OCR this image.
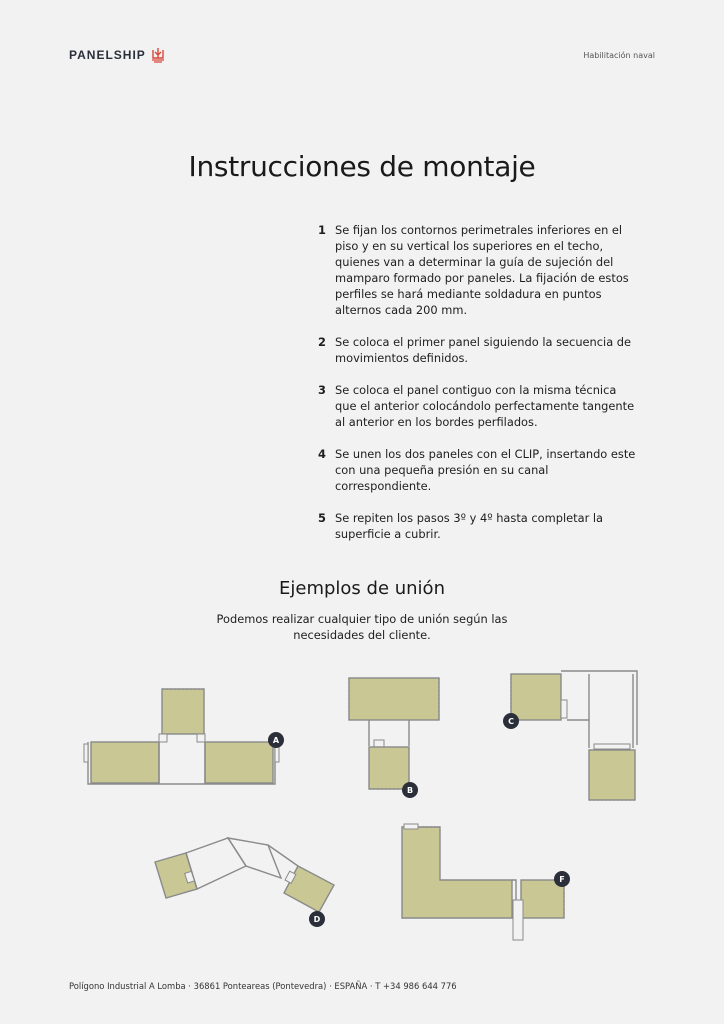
PANELSHIP	Habilitación naval
Instrucciones de montaje
1 Se fijan los contornos perimetrales inferiores en el piso y en su vertical los superiores en el techo, quienes van a determinar la guía de sujeción del mamparo formado por paneles. La fijación de estos perfiles se hará mediante soldadura en puntos alternos cada 200 mm.
2 Se coloca el primer panel siguiendo la secuencia de movimientos definidos.
3 Se coloca el panel contiguo con la misma técnica que el anterior colocándolo perfectamente tangente al anterior en los bordes perfilados.
4 Se unen los dos paneles con el CLIP, insertando este con una pequeña presión en su canal correspondiente.
5 Se repiten los pasos 3º y 4º hasta completar la superficie a cubrir.
Ejemplos de unión

Podemos realizar cualquier tipo de unión según las necesidades del cliente.

A
B
C
D
F
Polígono Industrial A Lomba · 36861 Ponteareas (Pontevedra) · ESPAÑA · T +34 986 644 776
